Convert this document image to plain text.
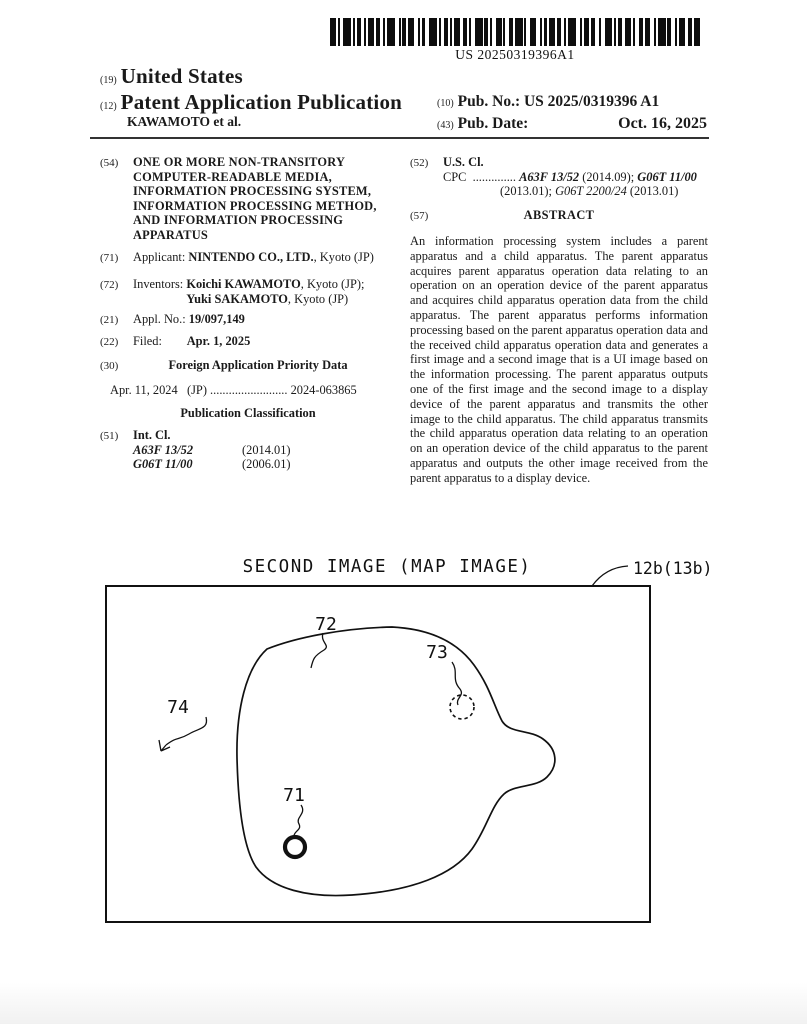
US 20250319396A1
(19) United States
(12) Patent Application Publication
KAWAMOTO et al.
(10) Pub. No.: US 2025/0319396 A1
(43) Pub. Date:	Oct. 16, 2025
(54)	ONE OR MORE NON-TRANSITORY
COMPUTER-READABLE MEDIA,
INFORMATION PROCESSING SYSTEM,
INFORMATION PROCESSING METHOD,
AND INFORMATION PROCESSING
APPARATUS
(71)	Applicant: NINTENDO CO., LTD., Kyoto (JP)
(72)	Inventors: Koichi KAWAMOTO, Kyoto (JP);
Yuki SAKAMOTO, Kyoto (JP)
(21)	Appl. No.: 19/097,149
(22)	Filed:        Apr. 1, 2025
(30)	Foreign Application Priority Data
Apr. 11, 2024   (JP) ......................... 2024-063865
Publication Classification
(51)	Int. Cl.
A63F 13/52	(2014.01)
G06T 11/00	(2006.01)
(52)	U.S. Cl.
CPC  .............. A63F 13/52 (2014.09); G06T 11/00
(2013.01); G06T 2200/24 (2013.01)
(57)	ABSTRACT
An information processing system includes a parent apparatus and a child apparatus. The parent apparatus acquires parent apparatus operation data relating to an operation on an operation device of the parent apparatus and acquires child apparatus operation data from the child apparatus. The parent apparatus performs information processing based on the parent apparatus operation data and the received child apparatus operation data and generates a first image and a second image that is a UI image based on the information processing. The parent apparatus outputs one of the first image and the second image to a display device of the parent apparatus and transmits the other image to the child apparatus. The child apparatus transmits the child apparatus operation data relating to an operation on an operation device of the child apparatus to the parent apparatus and outputs the other image received from the parent apparatus to a display device.
SECOND IMAGE (MAP IMAGE)	12b(13b)
72
73
74
71
